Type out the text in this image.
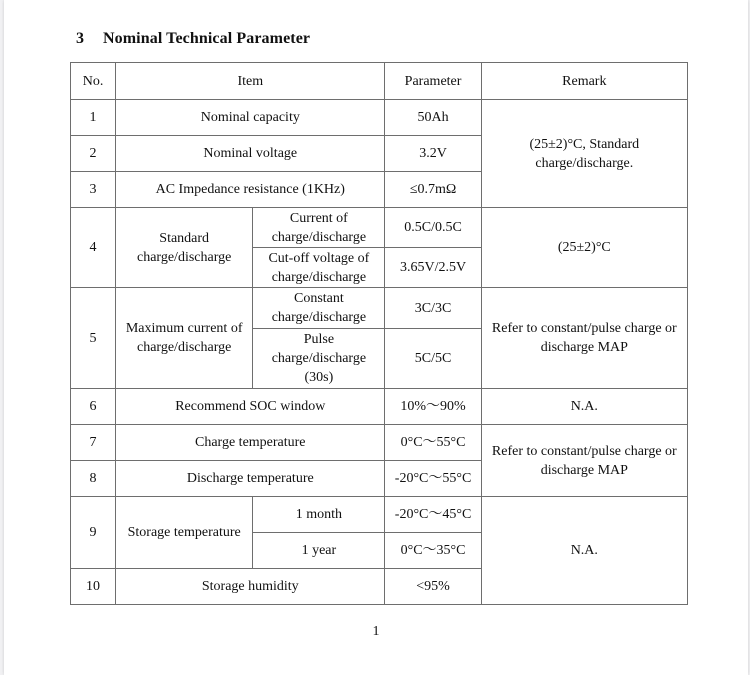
3 Nominal Technical Parameter
No.	Item		Parameter	Remark
1	Nominal capacity		50Ah	(25±2)°C, Standard charge/discharge.
2	Nominal voltage		3.2V	
3	AC Impedance resistance (1KHz)		≤0.7mΩ	
4	Standard charge/discharge	Current of charge/discharge	0.5C/0.5C	(25±2)°C
		Cut-off voltage of charge/discharge	3.65V/2.5V	
5	Maximum current of charge/discharge	Constant charge/discharge	3C/3C	Refer to constant/pulse charge or discharge MAP
		Pulse charge/discharge (30s)	5C/5C	
6	Recommend SOC window		10%～90%	N.A.
7	Charge temperature		0°C～55°C	Refer to constant/pulse charge or discharge MAP
8	Discharge temperature		-20°C～55°C	
9	Storage temperature	1 month	-20°C～45°C	N.A.
		1 year	0°C～35°C	
10	Storage humidity		<95%	
1
